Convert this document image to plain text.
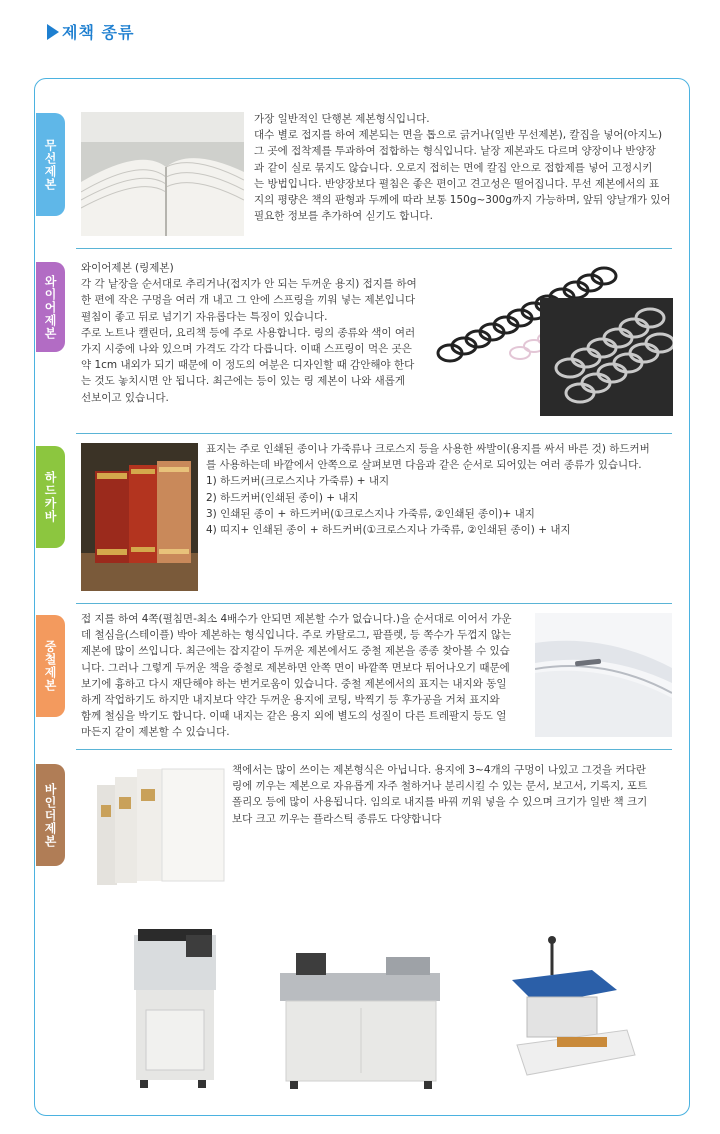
제책 종류
무선제본
가장 일반적인 단행본 제본형식입니다.
대수 별로 접지를 하여 제본되는 면을 톱으로 긁거나(일반 무선제본), 칼집을 넣어(아지노)
그 곳에 접착제를 투과하여 접합하는 형식입니다. 낱장 제본과도 다르며 양장이나 반양장
과 같이 실로 묶지도 않습니다. 오로지 접히는 면에 칼집 안으로 접합제를 넣어 고정시키
는 방법입니다. 반양장보다 펼침은 좋은 편이고 견고성은 떨어집니다. 무선 제본에서의 표
지의 평량은 책의 판형과 두께에 따라 보통 150g~300g까지 가능하며, 앞뒤 양날개가 있어
필요한 정보를 추가하여 싣기도 합니다.
와이어제본
와이어제본 (링제본)
각 각 낱장을 순서대로 추리거나(접지가 안 되는 두꺼운 용지) 접지를 하여
한 편에 작은 구멍을 여러 개 내고 그 안에 스프링을 끼워 넣는 제본입니다
펼침이 좋고 뒤로 넘기기 자유롭다는 특징이 있습니다.
주로 노트나 캘린더, 요리책 등에 주로 사용합니다. 링의 종류와 색이 여러
가지 시중에 나와 있으며 가격도 각각 다릅니다. 이때 스프링이 먹은 곳은
약 1cm 내외가 되기 때문에 이 정도의 여분은 디자인할 때 감안해야 한다
는 것도 놓치시면 안 됩니다. 최근에는 등이 있는 링 제본이 나와 새롭게
선보이고 있습니다.
하드카바
표지는 주로 인쇄된 종이나 가죽류나 크로스지 등을 사용한 싸발이(용지를 싸서 바른 것) 하드커버
를 사용하는데 바깥에서 안쪽으로 살펴보면 다음과 같은 순서로 되어있는 여러 종류가 있습니다.
1) 하드커버(크로스지나 가죽류) + 내지
2) 하드커버(인쇄된 종이) + 내지
3) 인쇄된 종이 + 하드커버(①크로스지나 가죽류, ②인쇄된 종이)+ 내지
4) 띠지+ 인쇄된 종이 + 하드커버(①크로스지나 가죽류, ②인쇄된 종이) + 내지
중철제본
접 지를 하여 4쪽(펼침면-최소 4배수가 안되면 제본할 수가 없습니다.)을 순서대로 이어서 가운
데 철심을(스테이플) 박아 제본하는 형식입니다. 주로 카탈로그, 팜플렛, 등 쪽수가 두껍지 않는
제본에 많이 쓰입니다. 최근에는 잡지같이 두꺼운 제본에서도 중철 제본을 종종 찾아볼 수 있습
니다. 그러나 그렇게 두꺼운 책을 중철로 제본하면 안쪽 면이 바깥쪽 면보다 튀어나오기 때문에
보기에 흉하고 다시 재단해야 하는 번거로움이 있습니다. 중철 제본에서의 표지는 내지와 동일
하게 작업하기도 하지만 내지보다 약간 두꺼운 용지에 코팅, 박찍기 등 후가공을 거쳐 표지와
함께 철심을 박기도 합니다. 이때 내지는 같은 용지 외에 별도의 성질이 다른 트레팔지 등도 얼
마든지 같이 제본할 수 있습니다.
바인더제본
책에서는 많이 쓰이는 제본형식은 아닙니다. 용지에 3~4개의 구멍이 나있고 그것을 커다란
링에 끼우는 제본으로 자유롭게 자주 철하거나 분리시킬 수 있는 문서, 보고서, 기록지, 포트
폴리오 등에 많이 사용됩니다. 임의로 내지를 바꿔 끼워 넣을 수 있으며 크기가 일반 책 크기
보다 크고 끼우는 플라스틱 종류도 다양합니다
